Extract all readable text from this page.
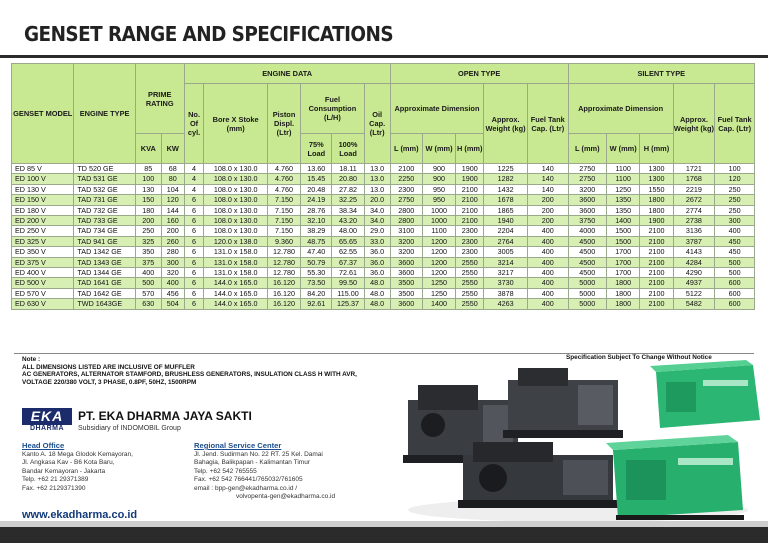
GENSET RANGE AND SPECIFICATIONS
GENSET MODEL	ENGINE TYPE	PRIME RATING		ENGINE DATA						OPEN TYPE					SILENT TYPE				
				No. Of cyl.	Bore X Stoke (mm)	Piston Displ. (Ltr)	Fuel Consumption (L/H)		Oil Cap. (Ltr)	Approximate Dimension			Approx. Weight (kg)	Fuel Tank Cap. (Ltr)	Approximate Dimension			Approx. Weight (kg)	Fuel Tank Cap. (Ltr)
		KVA	KW				75% Load	100% Load		L (mm)	W (mm)	H (mm)			L (mm)	W (mm)	H (mm)		
ED 85 V	TD 520 GE	85	68	4	108.0 x 130.0	4.760	13.60	18.11	13.0	2100	900	1900	1225	140	2750	1100	1300	1721	100
ED 100 V	TAD 531 GE	100	80	4	108.0 x 130.0	4.760	15.45	20.80	13.0	2250	900	1900	1282	140	2750	1100	1300	1768	120
ED 130 V	TAD 532 GE	130	104	4	108.0 x 130.0	4.760	20.48	27.82	13.0	2300	950	2100	1432	140	3200	1250	1550	2219	250
ED 150 V	TAD 731 GE	150	120	6	108.0 x 130.0	7.150	24.19	32.25	20.0	2750	950	2100	1678	200	3600	1350	1800	2672	250
ED 180 V	TAD 732 GE	180	144	6	108.0 x 130.0	7.150	28.76	38.34	34.0	2800	1000	2100	1865	200	3600	1350	1800	2774	250
ED 200 V	TAD 733 GE	200	160	6	108.0 x 130.0	7.150	32.10	43.20	34.0	2800	1000	2100	1940	200	3750	1400	1900	2738	300
ED 250 V	TAD 734 GE	250	200	6	108.0 x 130.0	7.150	38.29	48.00	29.0	3100	1100	2300	2204	400	4000	1500	2100	3136	400
ED 325 V	TAD 941 GE	325	260	6	120.0 x 138.0	9.360	48.75	65.65	33.0	3200	1200	2300	2764	400	4500	1500	2100	3787	450
ED 350 V	TAD 1342 GE	350	280	6	131.0 x 158.0	12.780	47.40	62.55	36.0	3200	1200	2300	3005	400	4500	1700	2100	4143	450
ED 375 V	TAD 1343 GE	375	300	6	131.0 x 158.0	12.780	50.79	67.37	36.0	3600	1200	2550	3214	400	4500	1700	2100	4284	500
ED 400 V	TAD 1344 GE	400	320	6	131.0 x 158.0	12.780	55.30	72.61	36.0	3600	1200	2550	3217	400	4500	1700	2100	4290	500
ED 500 V	TAD 1641 GE	500	400	6	144.0 x 165.0	16.120	73.50	99.50	48.0	3500	1250	2550	3730	400	5000	1800	2100	4937	600
ED 570 V	TAD 1642 GE	570	456	6	144.0 x 165.0	16.120	84.20	115.00	48.0	3500	1250	2550	3878	400	5000	1800	2100	5122	600
ED 630 V	TWD 1643GE	630	504	6	144.0 x 165.0	16.120	92.61	125.37	48.0	3600	1400	2550	4263	400	5000	1800	2100	5482	600
Note :
ALL DIMENSIONS LISTED ARE INCLUSIVE OF MUFFLER
AC GENERATORS, ALTERNATOR STAMFORD, BRUSHLESS GENERATORS, INSULATION CLASS H WITH AVR,
VOLTAGE 220/380 VOLT, 3 PHASE, 0.8PF, 50HZ, 1500RPM
Specification Subject To Change Without Notice
EKA
DHARMA
PT. EKA DHARMA JAYA SAKTI
Subsidiary of INDOMOBIL Group
Head Office
Kanto A. 18 Mega Glodok Kemayoran,
Jl. Angkasa Kav - B6 Kota Baru,
Bandar Kemayoran - Jakarta
Telp. +62 21 29371389
Fax. +62 2129371390
Regional Service Center
Jl. Jend. Sudirman No. 22 RT. 25 Kel. Damai
Bahagia, Balikpapan - Kalimantan Timur
Telp. +62 542 765555
Fax. +62 542 766441/765032/761605
email : bpp-gen@ekadharma.co.id /
volvopenta-gen@ekadharma.co.id
www.ekadharma.co.id
